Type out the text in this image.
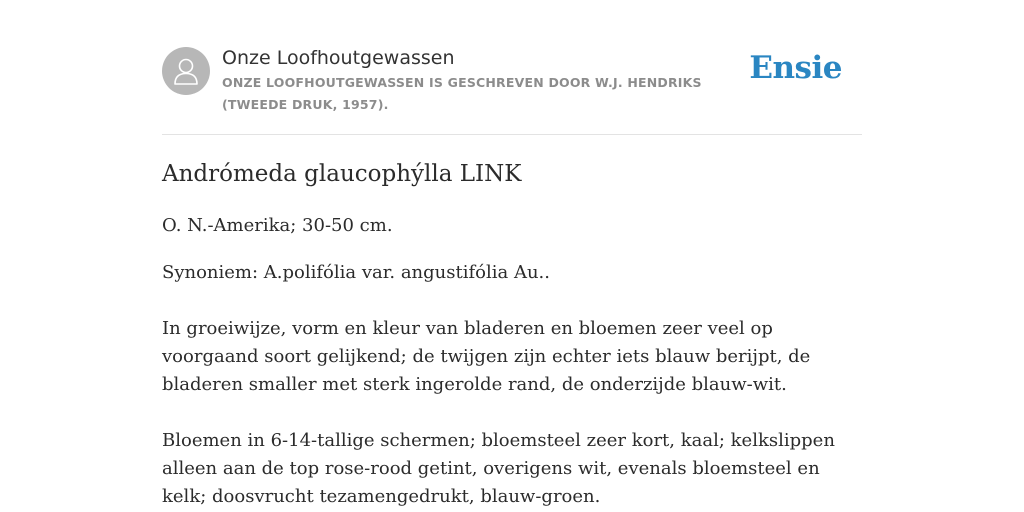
Onze Loofhoutgewassen
ONZE LOOFHOUTGEWASSEN IS GESCHREVEN DOOR W.J. HENDRIKS (TWEEDE DRUK, 1957).
Ensie
Andrómeda glaucophýlla LINK

O. N.-Amerika; 30-50 cm.

Synoniem: A.polifólia var. angustifólia Au..

In groeiwijze, vorm en kleur van bladeren en bloemen zeer veel op voorgaand soort gelijkend; de twijgen zijn echter iets blauw berijpt, de bladeren smaller met sterk ingerolde rand, de onderzijde blauw-wit.

Bloemen in 6-14-tallige schermen; bloemsteel zeer kort, kaal; kelkslippen alleen aan de top rose-rood getint, overigens wit, evenals bloemsteel en kelk; doosvrucht tezamengedrukt, blauw-groen.
